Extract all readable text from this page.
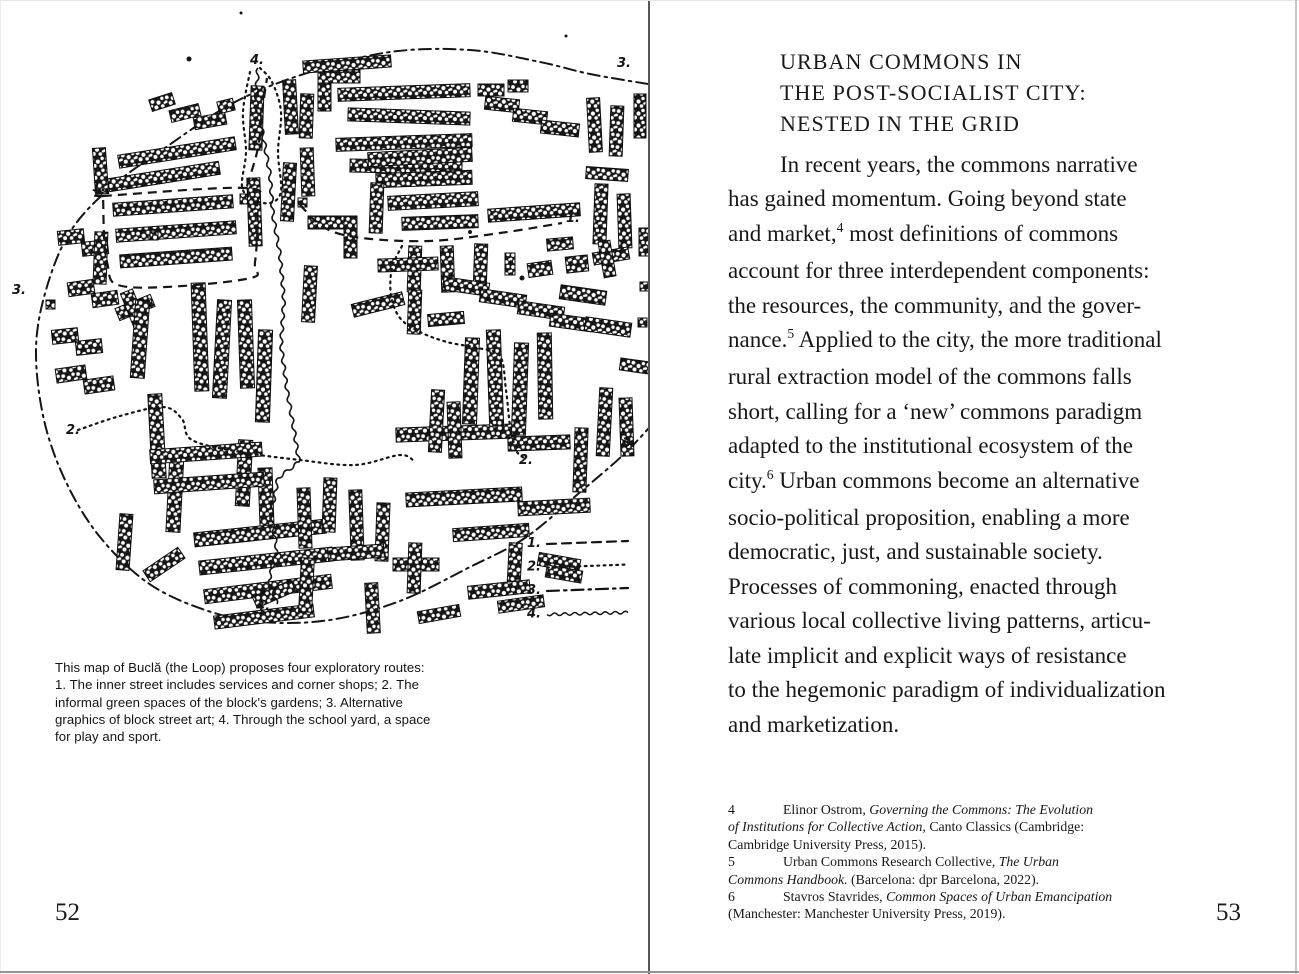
4.
4.
1.
1.
2.
2.
3.
3.
3.
1.
2.
3.
4.
This map of Buclă (the Loop) proposes four exploratory routes:
1. The inner street includes services and corner shops; 2. The
informal green spaces of the block's gardens; 3. Alternative
graphics of block street art; 4. Through the school yard, a space
for play and sport.
52
URBAN COMMONS IN
THE POST-SOCIALIST CITY:
NESTED IN THE GRID
In recent years, the commons narrative
has gained momentum. Going beyond state
and market,$^4$ most definitions of commons
account for three interdependent components:
the resources, the community, and the gover-
nance.$^5$ Applied to the city, the more traditional
rural extraction model of the commons falls
short, calling for a ‘new’ commons paradigm
adapted to the institutional ecosystem of the
city.$^6$ Urban commons become an alternative
socio-political proposition, enabling a more
democratic, just, and sustainable society.
Processes of commoning, enacted through
various local collective living patterns, articu-
late implicit and explicit ways of resistance
to the hegemonic paradigm of individualization
and marketization.
4	Elinor Ostrom, Governing the Commons: The Evolution
of Institutions for Collective Action, Canto Classics (Cambridge:
Cambridge University Press, 2015).
5	Urban Commons Research Collective, The Urban
Commons Handbook. (Barcelona: dpr Barcelona, 2022).
6	Stavros Stavrides, Common Spaces of Urban Emancipation
(Manchester: Manchester University Press, 2019).	53
